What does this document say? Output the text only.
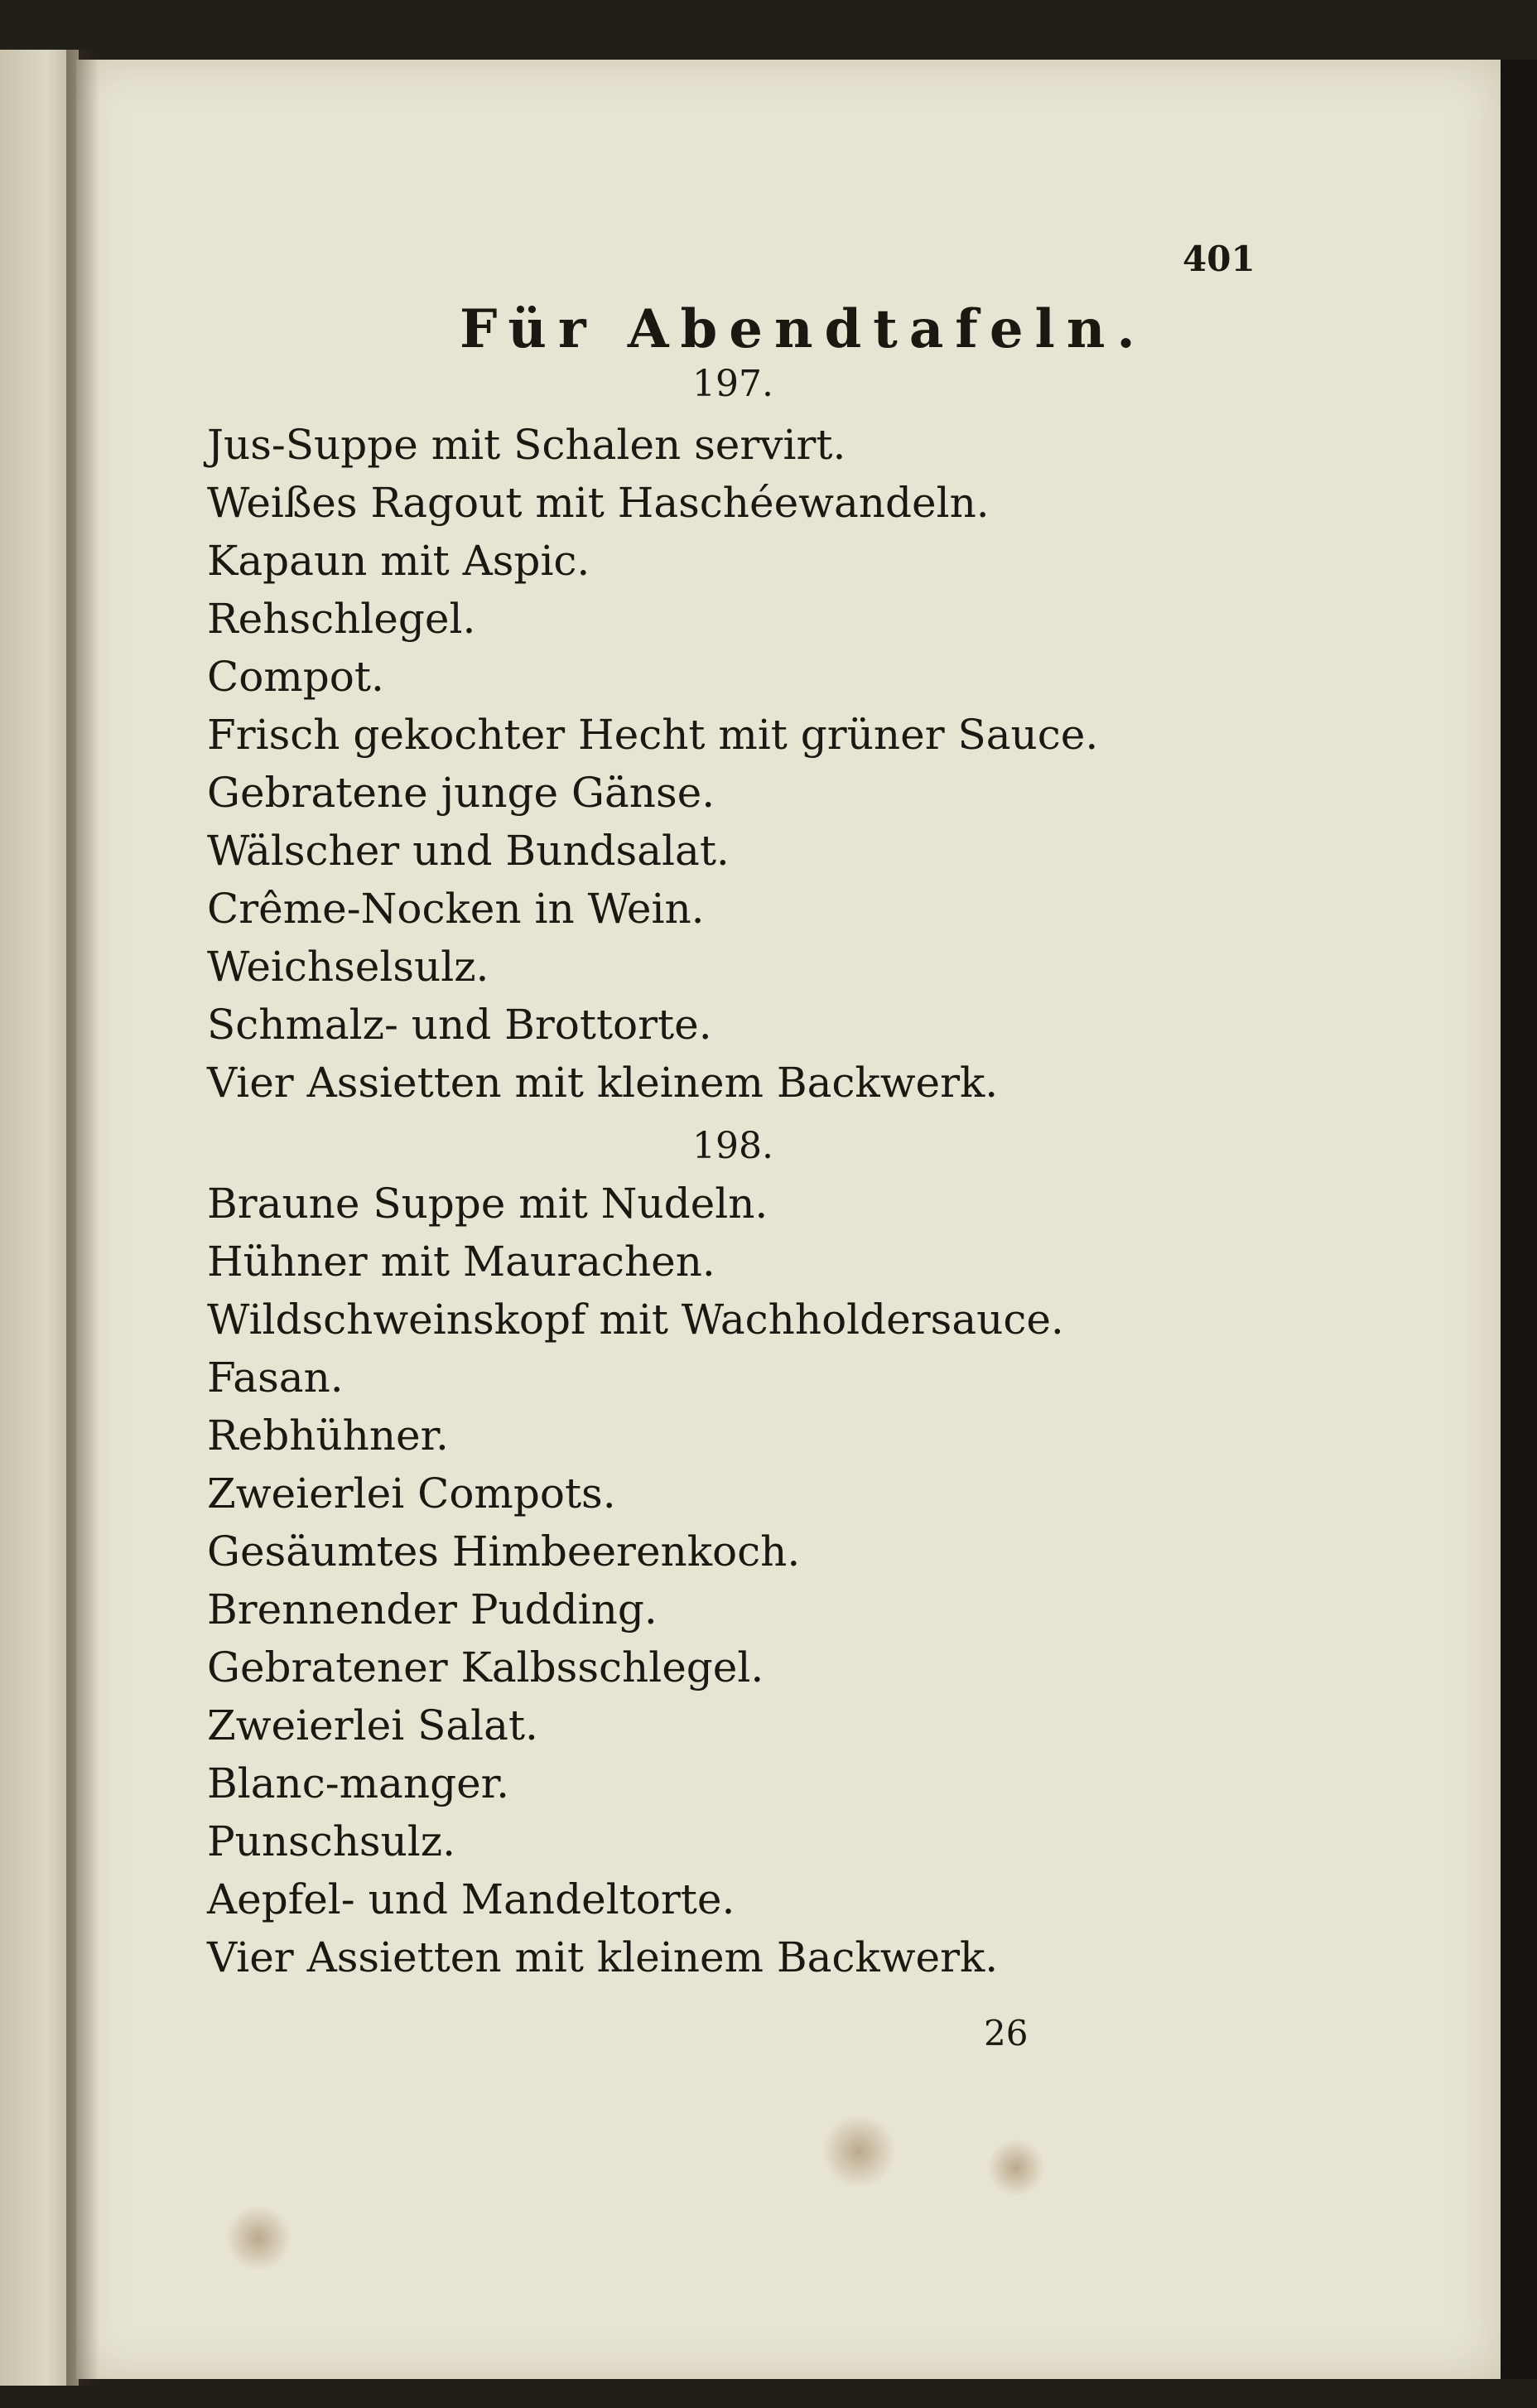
401
Für Abendtafeln.
197.
Jus-Suppe mit Schalen servirt.
Weißes Ragout mit Haschéewandeln.
Kapaun mit Aspic.
Rehschlegel.
Compot.
Frisch gekochter Hecht mit grüner Sauce.
Gebratene junge Gänse.
Wälscher und Bundsalat.
Crême-Nocken in Wein.
Weichselsulz.
Schmalz- und Brottorte.
Vier Assietten mit kleinem Backwerk.
198.
Braune Suppe mit Nudeln.
Hühner mit Maurachen.
Wildschweinskopf mit Wachholdersauce.
Fasan.
Rebhühner.
Zweierlei Compots.
Gesäumtes Himbeerenkoch.
Brennender Pudding.
Gebratener Kalbsschlegel.
Zweierlei Salat.
Blanc-manger.
Punschsulz.
Aepfel- und Mandeltorte.
Vier Assietten mit kleinem Backwerk.
26
